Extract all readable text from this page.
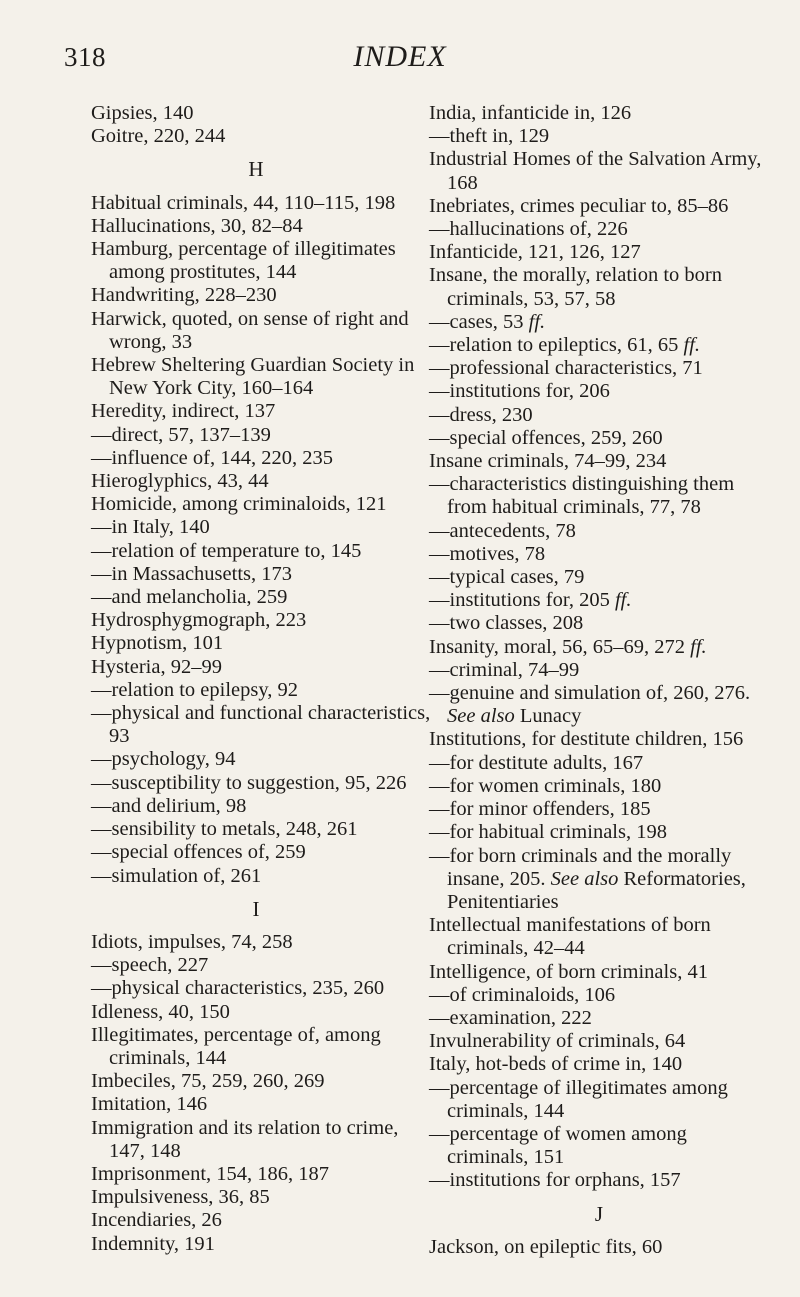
318	INDEX
Gipsies, 140
Goitre, 220, 244
H
Habitual criminals, 44, 110–115, 198
Hallucinations, 30, 82–84
Hamburg, percentage of illegitimates among prostitutes, 144
Handwriting, 228–230
Harwick, quoted, on sense of right and wrong, 33
Hebrew Sheltering Guardian Society in New York City, 160–164
Heredity, indirect, 137
—direct, 57, 137–139
—influence of, 144, 220, 235
Hieroglyphics, 43, 44
Homicide, among criminaloids, 121
—in Italy, 140
—relation of temperature to, 145
—in Massachusetts, 173
—and melancholia, 259
Hydrosphygmograph, 223
Hypnotism, 101
Hysteria, 92–99
—relation to epilepsy, 92
—physical and functional characteristics, 93
—psychology, 94
—susceptibility to suggestion, 95, 226
—and delirium, 98
—sensibility to metals, 248, 261
—special offences of, 259
—simulation of, 261
I
Idiots, impulses, 74, 258
—speech, 227
—physical characteristics, 235, 260
Idleness, 40, 150
Illegitimates, percentage of, among criminals, 144
Imbeciles, 75, 259, 260, 269
Imitation, 146
Immigration and its relation to crime, 147, 148
Imprisonment, 154, 186, 187
Impulsiveness, 36, 85
Incendiaries, 26
Indemnity, 191
India, infanticide in, 126
—theft in, 129
Industrial Homes of the Salvation Army, 168
Inebriates, crimes peculiar to, 85–86
—hallucinations of, 226
Infanticide, 121, 126, 127
Insane, the morally, relation to born criminals, 53, 57, 58
—cases, 53 ff.
—relation to epileptics, 61, 65 ff.
—professional characteristics, 71
—institutions for, 206
—dress, 230
—special offences, 259, 260
Insane criminals, 74–99, 234
—characteristics distinguishing them from habitual criminals, 77, 78
—antecedents, 78
—motives, 78
—typical cases, 79
—institutions for, 205 ff.
—two classes, 208
Insanity, moral, 56, 65–69, 272 ff.
—criminal, 74–99
—genuine and simulation of, 260, 276. See also Lunacy
Institutions, for destitute children, 156
—for destitute adults, 167
—for women criminals, 180
—for minor offenders, 185
—for habitual criminals, 198
—for born criminals and the morally insane, 205. See also Reformatories, Penitentiaries
Intellectual manifestations of born criminals, 42–44
Intelligence, of born criminals, 41
—of criminaloids, 106
—examination, 222
Invulnerability of criminals, 64
Italy, hot-beds of crime in, 140
—percentage of illegitimates among criminals, 144
—percentage of women among criminals, 151
—institutions for orphans, 157
J
Jackson, on epileptic fits, 60
